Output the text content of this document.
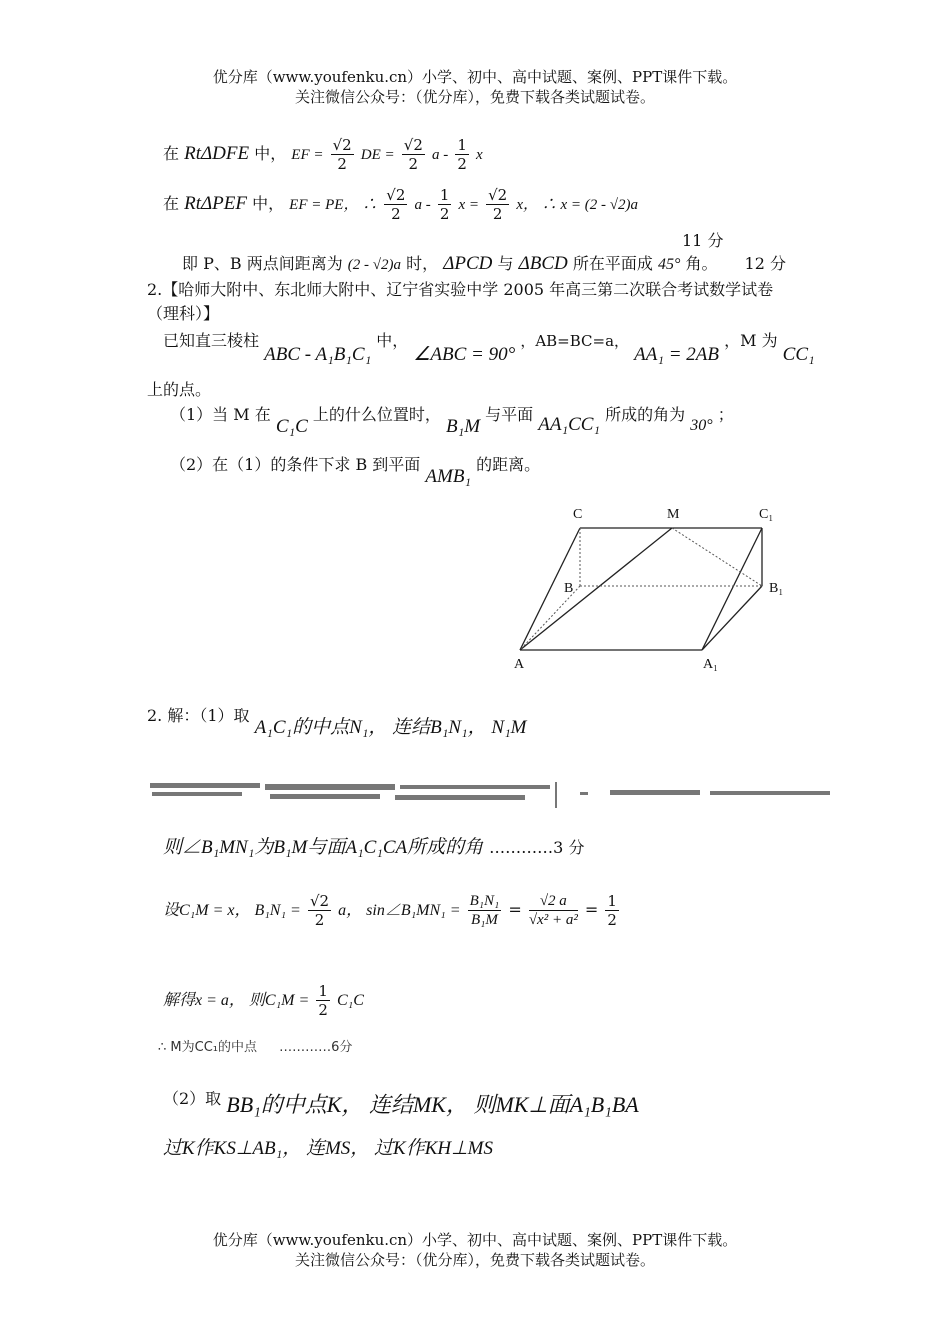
优分库（www.youfenku.cn）小学、初中、高中试题、案例、PPT课件下载。
关注微信公众号：（优分库），免费下载各类试题试卷。
在 RtΔDFE 中， EF = $\frac{√2}{2}$ DE = $\frac{√2}{2}$ a - $\frac{1}{2}$ x
在 RtΔPEF 中， EF = PE， ∴ $\frac{√2}{2}$ a - $\frac{1}{2}$ $x = \frac{√2}{2}$ x， ∴ x = (2 - √2)a
11 分
即 P、B 两点间距离为 (2 - √2)a 时， ΔPCD 与 ΔBCD 所在平面成 45° 角。 12 分
2.【哈师大附中、东北师大附中、辽宁省实验中学 2005 年高三第二次联合考试数学试卷
（理科）】
已知直三棱柱 ABC - A₁B₁C₁ 中， ∠ABC = 90° ，AB=BC=a， AA₁ = 2AB ，M 为 CC₁
上的点。
（1）当 M 在 C₁C 上的什么位置时， B₁M 与平面 AA₁CC₁ 所成的角为 30° ；
（2）在（1）的条件下求 B 到平面 AMB₁ 的距离。
C	M	C₁
B	B₁
A	A₁
2. 解：（1）取 A₁C₁的中点N₁， 连结B₁N₁， N₁M
则∠B₁MN₁为B₁M与面A₁C₁CA所成的角 …………3 分
设C₁M = x， $B_1N_1 = \frac{√2}{2}$ a， sin∠B₁MN₁ = $\frac{\text{B₁N₁}}{\text{B₁M}} = \frac{√2 a}{\text{√x² + a²}} = \frac{1}{2}$
解得x = a， 则$C_1M = \frac{1}{2} C_1C$
∴ M为CC₁的中点 …………6分
（2）取 BB₁的中点K， 连结MK， 则MK⊥面A₁B₁BA
过K作KS⊥AB₁， 连MS， 过K作KH⊥MS
优分库（www.youfenku.cn）小学、初中、高中试题、案例、PPT课件下载。
关注微信公众号：（优分库），免费下载各类试题试卷。
